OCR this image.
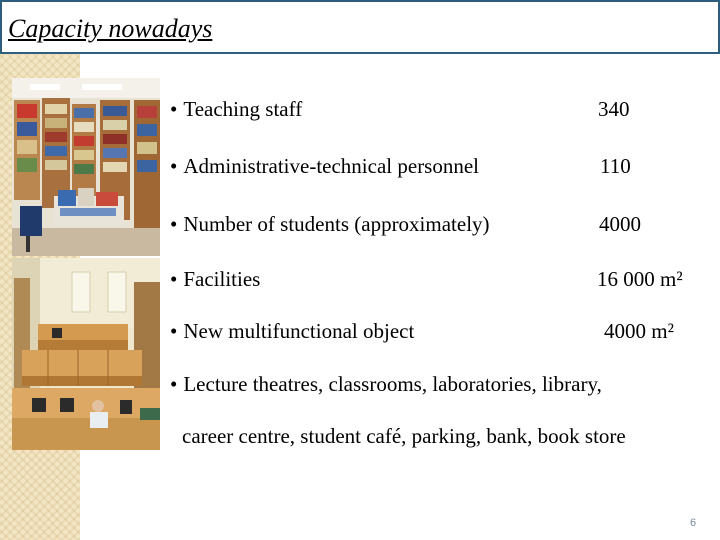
Capacity nowadays
• Teaching staff	340
• Administrative-technical personnel	110
• Number of students (approximately)	4000
• Facilities	16 000 m²
• New multifunctional object	4000 m²
• Lecture theatres, classrooms, laboratories, library,
career centre, student café, parking, bank, book store
6
